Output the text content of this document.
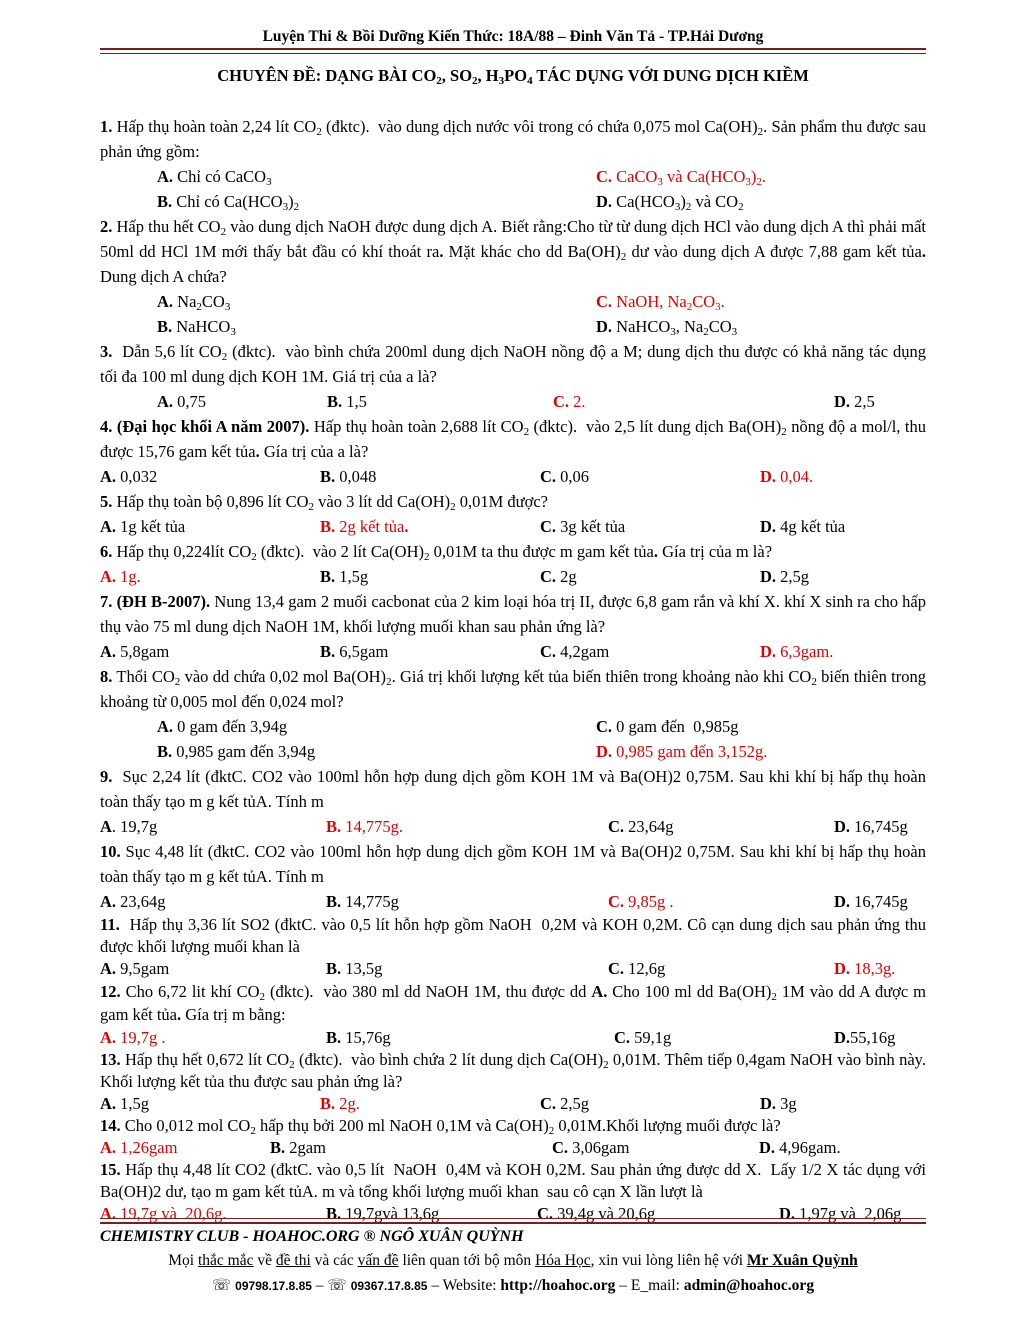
Luyện Thi & Bồi Dưỡng Kiến Thức: 18A/88 – Đinh Văn Tả - TP.Hải Dương
CHUYÊN ĐỀ: DẠNG BÀI $CO_2$, $SO_2$, $H_3PO_4$ TÁC DỤNG VỚI DUNG DỊCH KIỀM

1. Hấp thụ hoàn toàn 2,24 lít $CO_2$ (đktc).  vào dung dịch nước vôi trong có chứa 0,075 mol $Ca(OH)_2$. Sản phẩm thu được sau phản ứng gồm:

A. Chỉ có CaCO$_3$	C. CaCO$_3$ và $Ca(HCO_3)_2$.
B. Chỉ có $Ca(HCO_3)_2$	D. $Ca(HCO_3)_2$ và $CO_2$

2. Hấp thu hết $CO_2$ vào dung dịch NaOH được dung dịch A. Biết rằng:Cho từ từ dung dịch HCl vào dung dịch A thì phải mất 50ml dd HCl 1M mới thấy bắt đầu có khí thoát ra. Mặt khác cho dd $Ba(OH)_2$ dư vào dung dịch A được 7,88 gam kết tủa. Dung dịch A chứa?

A. $Na_2CO_3$	C. NaOH, $Na_2CO_3$.
B. NaHCO$_3$	D. NaHCO$_3$, $Na_2CO_3$

3.  Dẫn 5,6 lít $CO_2$ (đktc).  vào bình chứa 200ml dung dịch NaOH nồng độ a M; dung dịch thu được có khả năng tác dụng tối đa 100 ml dung dịch KOH 1M. Giá trị của a là?

A. 0,75	B. 1,5	C. 2.	D. 2,5

4. (Đại học khối A năm 2007). Hấp thụ hoàn toàn 2,688 lít $CO_2$ (đktc).  vào 2,5 lít dung dịch $Ba(OH)_2$ nồng độ a mol/l, thu được 15,76 gam kết tủa. Gía trị của a là?

A. 0,032	B. 0,048	C. 0,06	D. 0,04.

5. Hấp thụ toàn bộ 0,896 lít $CO_2$ vào 3 lít dd $Ca(OH)_2$ 0,01M được?

A. 1g kết tủa	B. 2g kết tủa.	C. 3g kết tủa	D. 4g kết tủa

6. Hấp thụ 0,224lít $CO_2$ (đktc).  vào 2 lít $Ca(OH)_2$ 0,01M ta thu được m gam kết tủa. Gía trị của m là?

A. 1g.	B. 1,5g	C. 2g	D. 2,5g

7. (ĐH B-2007). Nung 13,4 gam 2 muối cacbonat của 2 kim loại hóa trị II, được 6,8 gam rắn và khí X. khí X sinh ra cho hấp thụ vào 75 ml dung dịch NaOH 1M, khối lượng muối khan sau phản ứng là?

A. 5,8gam	B. 6,5gam	C. 4,2gam	D. 6,3gam.

8. Thổi $CO_2$ vào dd chứa 0,02 mol $Ba(OH)_2$. Giá trị khối lượng kết tủa biến thiên trong khoảng nào khi $CO_2$ biến thiên trong khoảng từ 0,005 mol đến 0,024 mol?

A. 0 gam đến 3,94g	C. 0 gam đến  0,985g
B. 0,985 gam đến 3,94g	D. 0,985 gam đến 3,152g.

9.  Sục 2,24 lít (đktC. CO2 vào 100ml hỗn hợp dung dịch gồm KOH 1M và Ba(OH)2 0,75M. Sau khi khí bị hấp thụ hoàn toàn thấy tạo m g kết tủA. Tính m

A. 19,7g	B. 14,775g.	C. 23,64g	D. 16,745g

10. Sục 4,48 lít (đktC. CO2 vào 100ml hỗn hợp dung dịch gồm KOH 1M và Ba(OH)2 0,75M. Sau khi khí bị hấp thụ hoàn toàn thấy tạo m g kết tủA. Tính m

A. 23,64g	B. 14,775g	C. 9,85g .	D. 16,745g

11.  Hấp thụ 3,36 lít SO2 (đktC. vào 0,5 lít hỗn hợp gồm NaOH  0,2M và KOH 0,2M. Cô cạn dung dịch sau phản ứng thu được khối lượng muối khan là

A. 9,5gam	B. 13,5g	C. 12,6g	D. 18,3g.

12. Cho 6,72 lit khí $CO_2$ (đktc).  vào 380 ml dd NaOH 1M, thu được dd A. Cho 100 ml dd $Ba(OH)_2$ 1M vào dd A được m gam kết tủa. Gía trị m bằng:

A. 19,7g .	B. 15,76g	C. 59,1g	D.55,16g

13. Hấp thụ hết 0,672 lít $CO_2$ (đktc).  vào bình chứa 2 lít dung dịch $Ca(OH)_2$ 0,01M. Thêm tiếp 0,4gam NaOH vào bình này. Khối lượng kết tủa thu được sau phản ứng là?

A. 1,5g	B. 2g.	C. 2,5g	D. 3g

14. Cho 0,012 mol $CO_2$ hấp thụ bởi 200 ml NaOH 0,1M và $Ca(OH)_2$ 0,01M.Khối lượng muối được là?

A. 1,26gam	B. 2gam	C. 3,06gam	D. 4,96gam.

15. Hấp thụ 4,48 lít CO2 (đktC. vào 0,5 lít  NaOH  0,4M và KOH 0,2M. Sau phản ứng được dd X.  Lấy 1/2 X tác dụng với Ba(OH)2 dư, tạo m gam kết tủA. m và tổng khối lượng muối khan  sau cô cạn X lần lượt là

A. 19,7g và  20,6g.	B. 19,7gvà 13,6g	C. 39,4g và 20,6g	D. 1,97g và  2,06g
CHEMISTRY CLUB - HOAHOC.ORG ® NGÔ XUÂN QUỲNH
Mọi thắc mắc về đề thi và các vấn đề liên quan tới bộ môn Hóa Học, xin vui lòng liên hệ với Mr Xuân Quỳnh
☏ 09798.17.8.85 – ☏ 09367.17.8.85 – Website: http://hoahoc.org – E_mail: admin@hoahoc.org
